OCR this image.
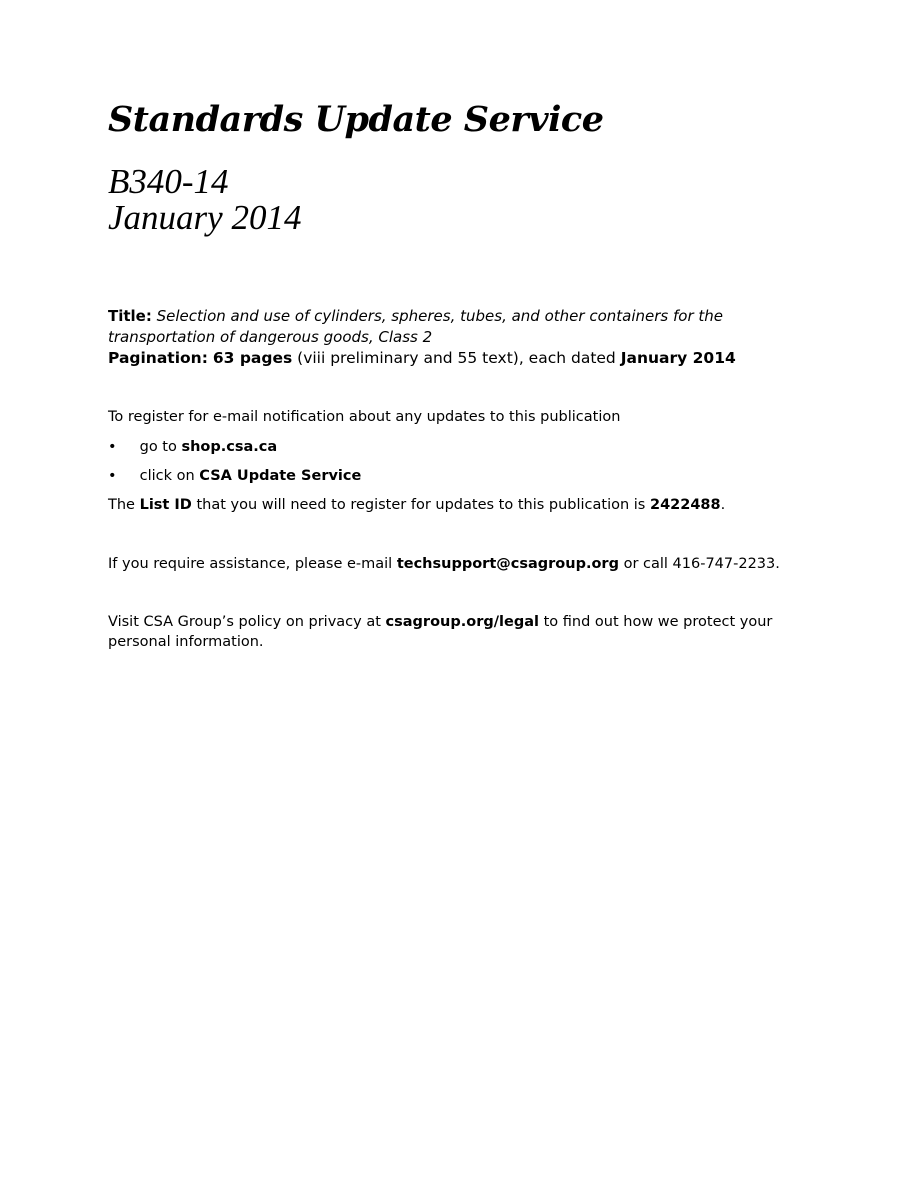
Standards Update Service
B340-14
January 2014
Title: Selection and use of cylinders, spheres, tubes, and other containers for the transportation of dangerous goods, Class 2
Pagination: 63 pages (viii preliminary and 55 text), each dated January 2014
To register for e-mail notification about any updates to this publication
• go to shop.csa.ca
• click on CSA Update Service
The List ID that you will need to register for updates to this publication is 2422488.
If you require assistance, please e-mail techsupport@csagroup.org or call 416-747-2233.
Visit CSA Group’s policy on privacy at csagroup.org/legal to find out how we protect your personal information.
